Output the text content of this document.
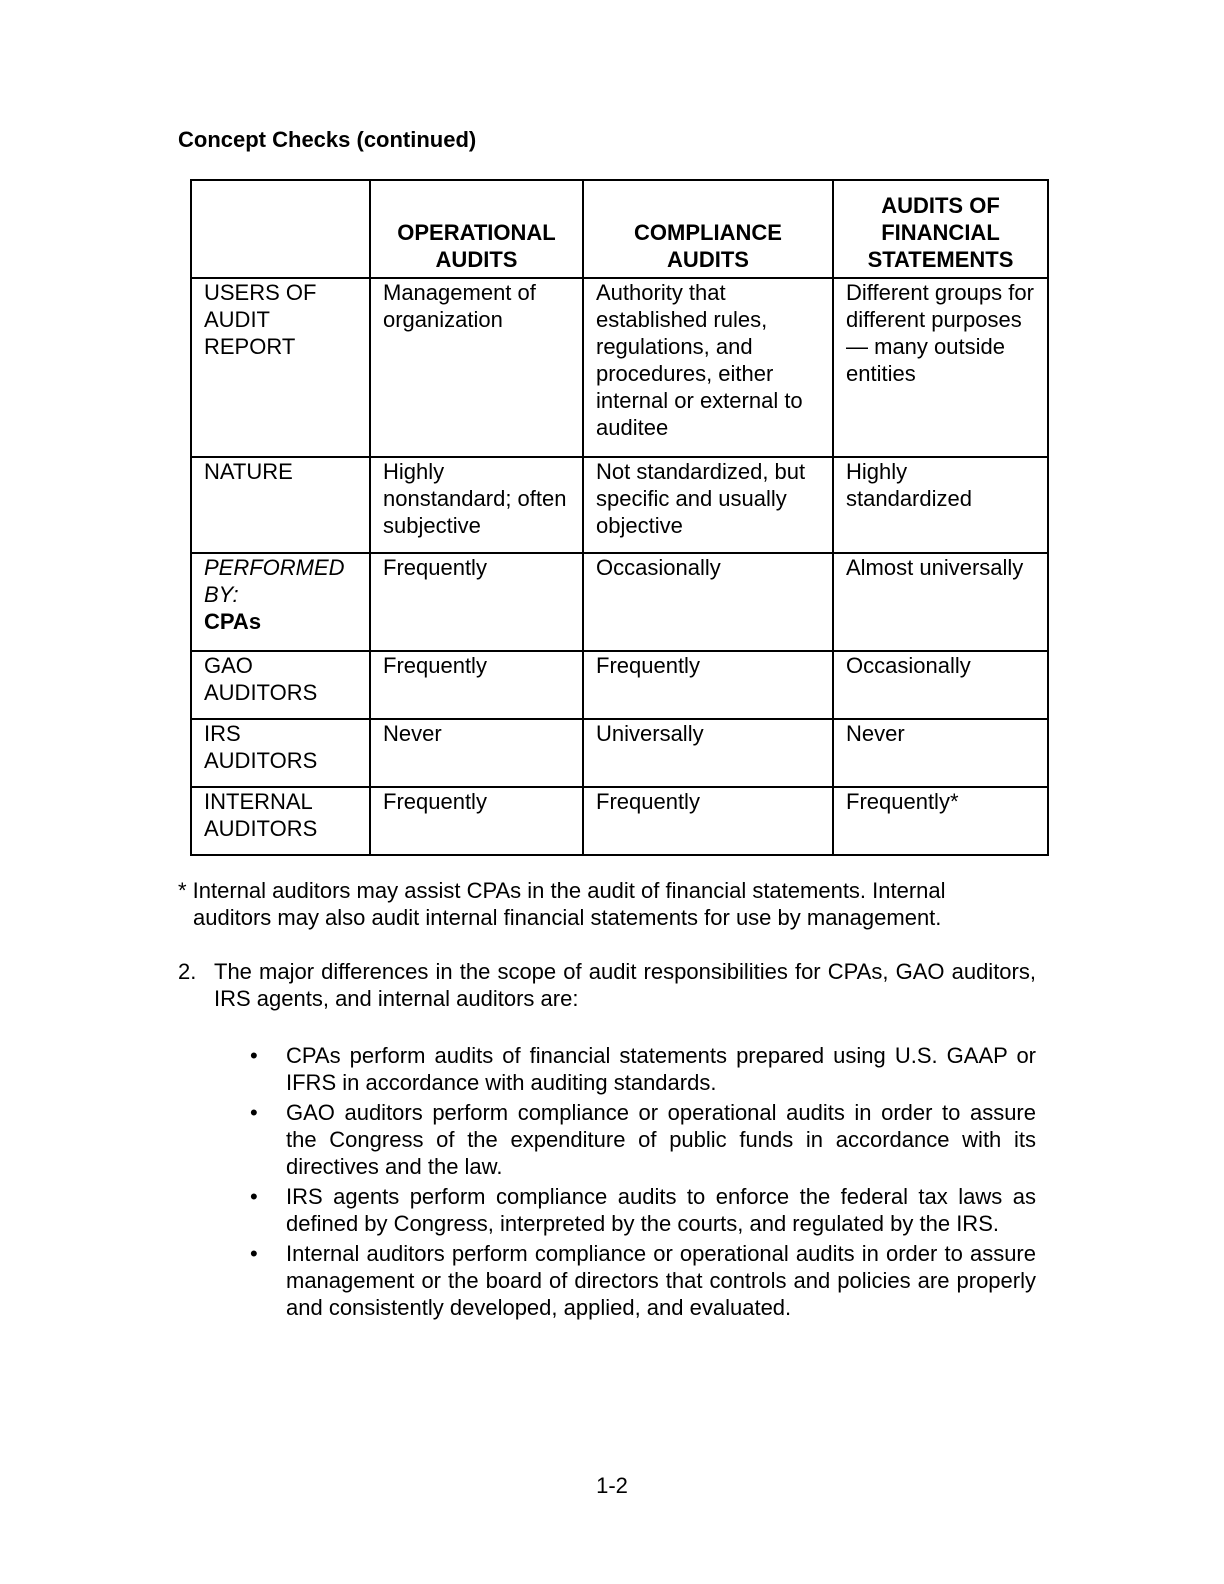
Concept Checks (continued)
	OPERATIONAL AUDITS	COMPLIANCE AUDITS	AUDITS OF FINANCIAL STATEMENTS
USERS OF AUDIT REPORT	Management of organization	Authority that established rules, regulations, and procedures, either internal or external to auditee	Different groups for different purposes — many outside entities
NATURE	Highly nonstandard; often subjective	Not standardized, but specific and usually objective	Highly standardized

PERFORMED BY:
CPAs	Frequently	Occasionally	Almost universally
GAO AUDITORS	Frequently	Frequently	Occasionally
IRS AUDITORS	Never	Universally	Never
INTERNAL AUDITORS	Frequently	Frequently	Frequently*
* Internal auditors may assist CPAs in the audit of financial statements. Internal
auditors may also audit internal financial statements for use by management.
2. The major differences in the scope of audit responsibilities for CPAs, GAO auditors, IRS agents, and internal auditors are:
• CPAs perform audits of financial statements prepared using U.S. GAAP or IFRS in accordance with auditing standards.
• GAO auditors perform compliance or operational audits in order to assure the Congress of the expenditure of public funds in accordance with its directives and the law.
• IRS agents perform compliance audits to enforce the federal tax laws as defined by Congress, interpreted by the courts, and regulated by the IRS.
• Internal auditors perform compliance or operational audits in order to assure management or the board of directors that controls and policies are properly and consistently developed, applied, and evaluated.
1-2
